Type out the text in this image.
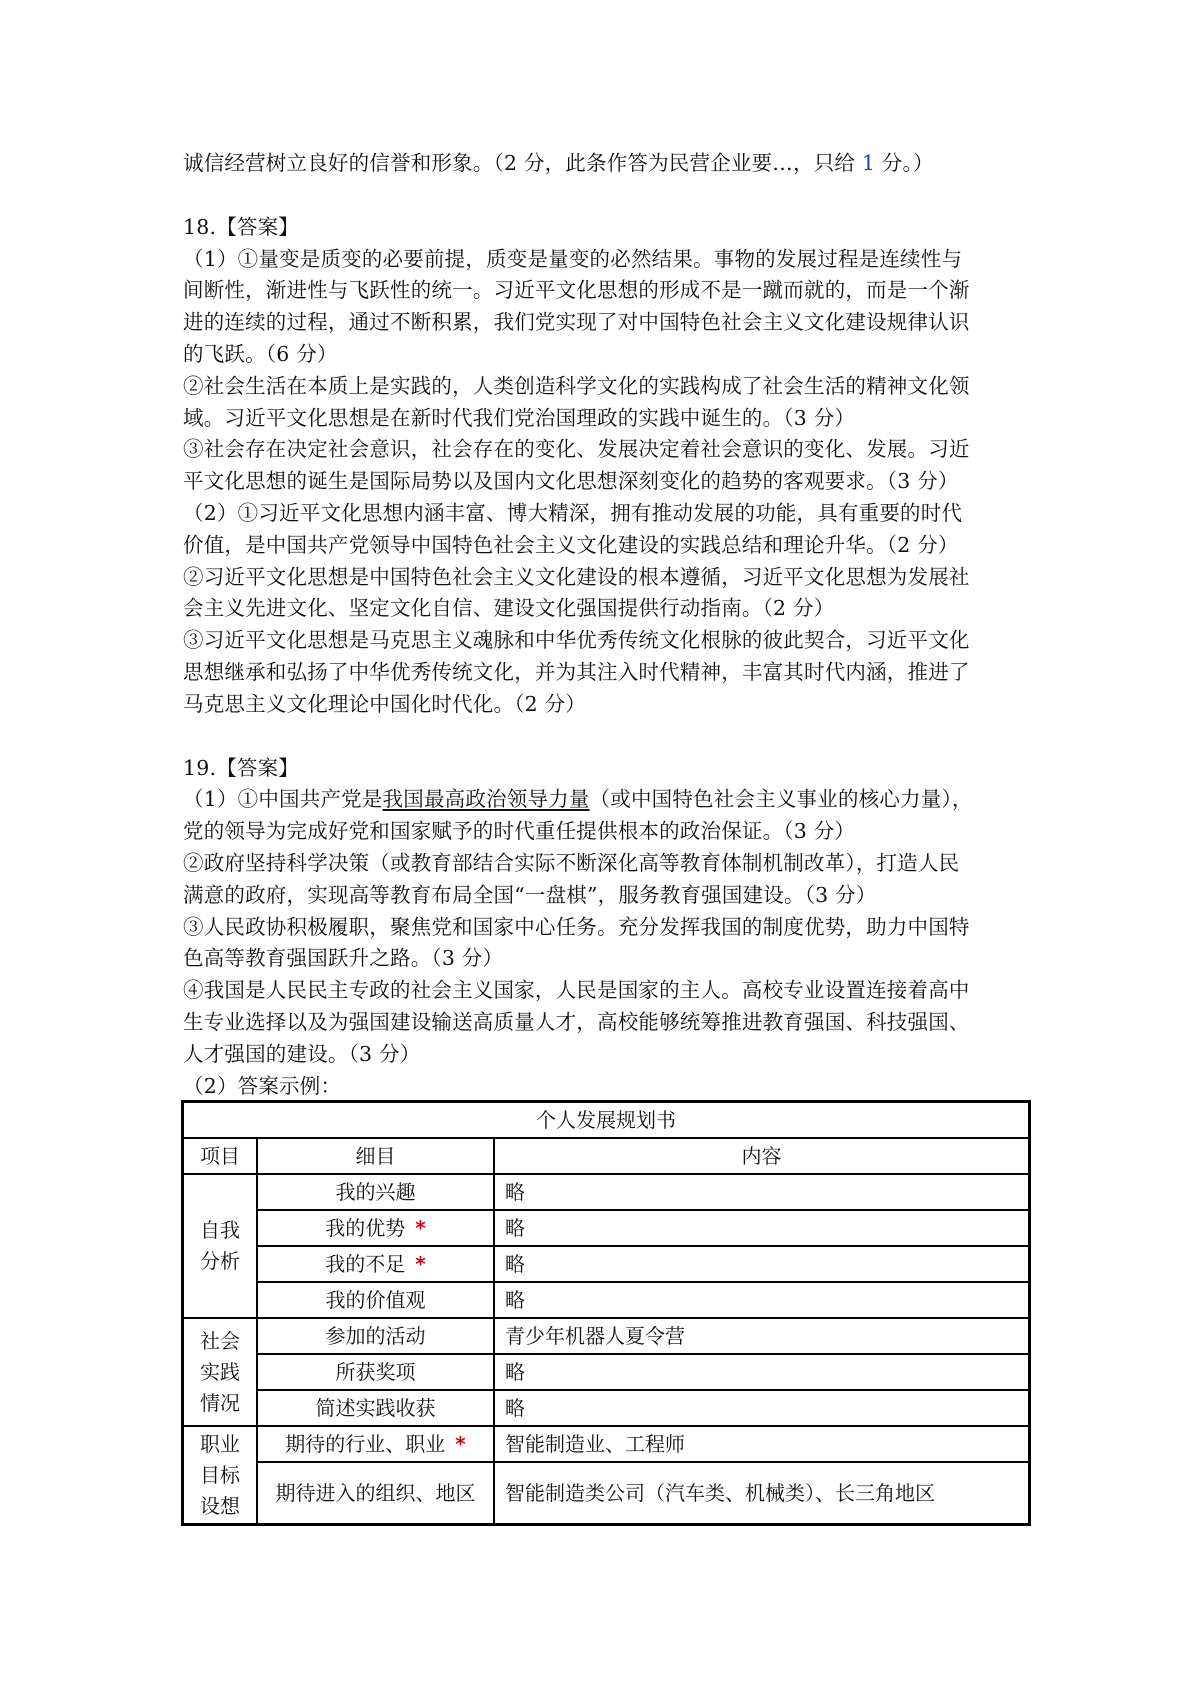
诚信经营树立良好的信誉和形象。（2 分，此条作答为民营企业要…，只给 1 分。）
18.【答案】
（1）①量变是质变的必要前提，质变是量变的必然结果。事物的发展过程是连续性与
间断性，渐进性与飞跃性的统一。习近平文化思想的形成不是一蹴而就的，而是一个渐
进的连续的过程，通过不断积累，我们党实现了对中国特色社会主义文化建设规律认识
的飞跃。（6 分）
②社会生活在本质上是实践的，人类创造科学文化的实践构成了社会生活的精神文化领
域。习近平文化思想是在新时代我们党治国理政的实践中诞生的。（3 分）
③社会存在决定社会意识，社会存在的变化、发展决定着社会意识的变化、发展。习近
平文化思想的诞生是国际局势以及国内文化思想深刻变化的趋势的客观要求。（3 分）
（2）①习近平文化思想内涵丰富、博大精深，拥有推动发展的功能，具有重要的时代
价值，是中国共产党领导中国特色社会主义文化建设的实践总结和理论升华。（2 分）
②习近平文化思想是中国特色社会主义文化建设的根本遵循，习近平文化思想为发展社
会主义先进文化、坚定文化自信、建设文化强国提供行动指南。（2 分）
③习近平文化思想是马克思主义魂脉和中华优秀传统文化根脉的彼此契合，习近平文化
思想继承和弘扬了中华优秀传统文化，并为其注入时代精神，丰富其时代内涵，推进了
马克思主义文化理论中国化时代化。（2 分）
19.【答案】
（1）①中国共产党是我国最高政治领导力量（或中国特色社会主义事业的核心力量），
党的领导为完成好党和国家赋予的时代重任提供根本的政治保证。（3 分）
②政府坚持科学决策（或教育部结合实际不断深化高等教育体制机制改革），打造人民
满意的政府，实现高等教育布局全国“一盘棋”，服务教育强国建设。（3 分）
③人民政协积极履职，聚焦党和国家中心任务。充分发挥我国的制度优势，助力中国特
色高等教育强国跃升之路。（3 分）
④我国是人民民主专政的社会主义国家，人民是国家的主人。高校专业设置连接着高中
生专业选择以及为强国建设输送高质量人才，高校能够统筹推进教育强国、科技强国、
人才强国的建设。（3 分）
（2）答案示例：
个人发展规划书		
项目	细目	内容
自我
分析	我的兴趣	略
	我的优势 *	略
	我的不足 *	略
	我的价值观	略
社会
实践
情况	参加的活动	青少年机器人夏令营
	所获奖项	略
	简述实践收获	略
职业
目标
设想	期待的行业、职业 *	智能制造业、工程师
	期待进入的组织、地区	智能制造类公司（汽车类、机械类）、长三角地区
